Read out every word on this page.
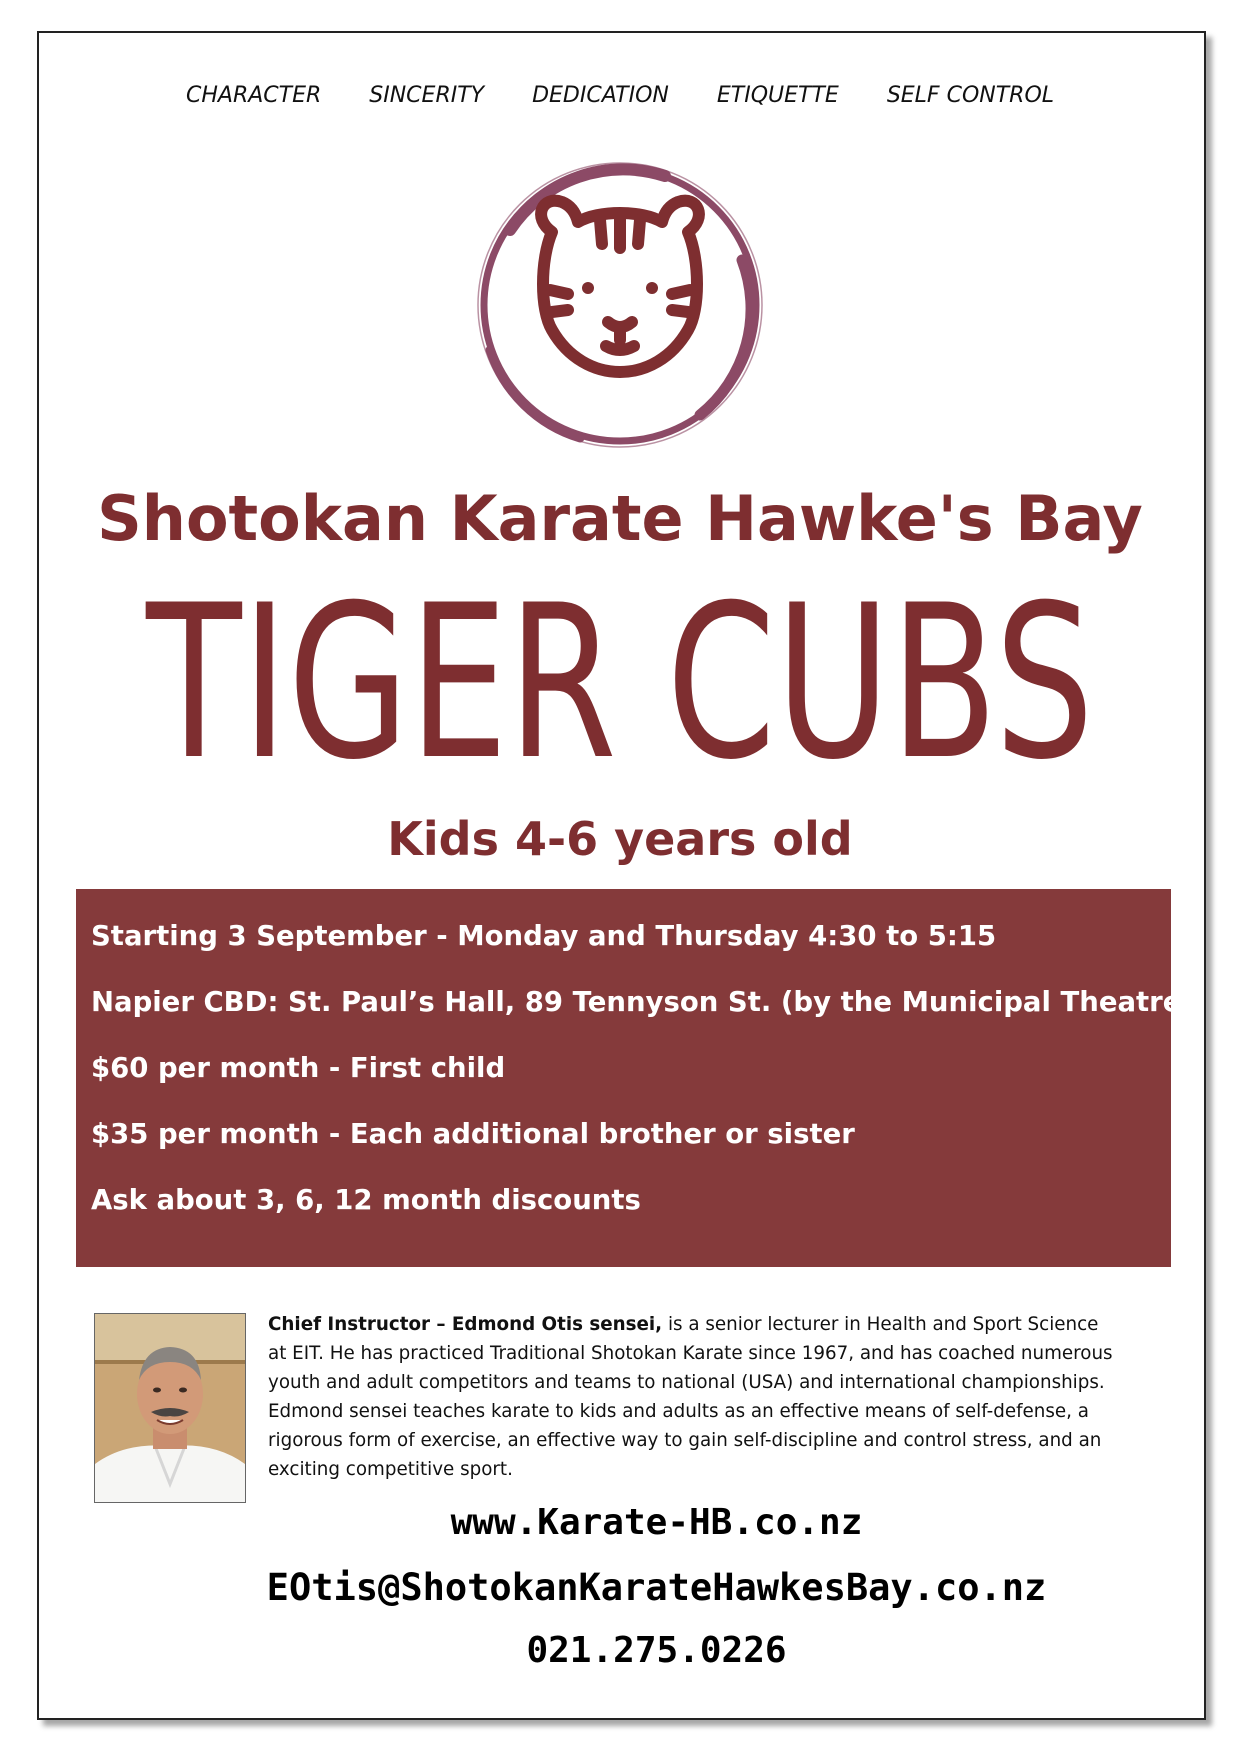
CHARACTER SINCERITY DEDICATION ETIQUETTE SELF CONTROL
Shotokan Karate Hawke's Bay
TIGER CUBS
Kids 4-6 years old
Starting 3 September - Monday and Thursday 4:30 to 5:15
Napier CBD: St. Paul’s Hall, 89 Tennyson St. (by the Municipal Theatre)
$60 per month - First child
$35 per month - Each additional brother or sister
Ask about 3, 6, 12 month discounts
Chief Instructor – Edmond Otis sensei, is a senior lecturer in Health and Sport Science at EIT. He has practiced Traditional Shotokan Karate since 1967, and has coached numerous youth and adult competitors and teams to national (USA) and international championships. Edmond sensei teaches karate to kids and adults as an effective means of self-defense, a rigorous form of exercise, an effective way to gain self-discipline and control stress, and an exciting competitive sport.
www.Karate-HB.co.nz
EOtis@ShotokanKarateHawkesBay.co.nz
021.275.0226
